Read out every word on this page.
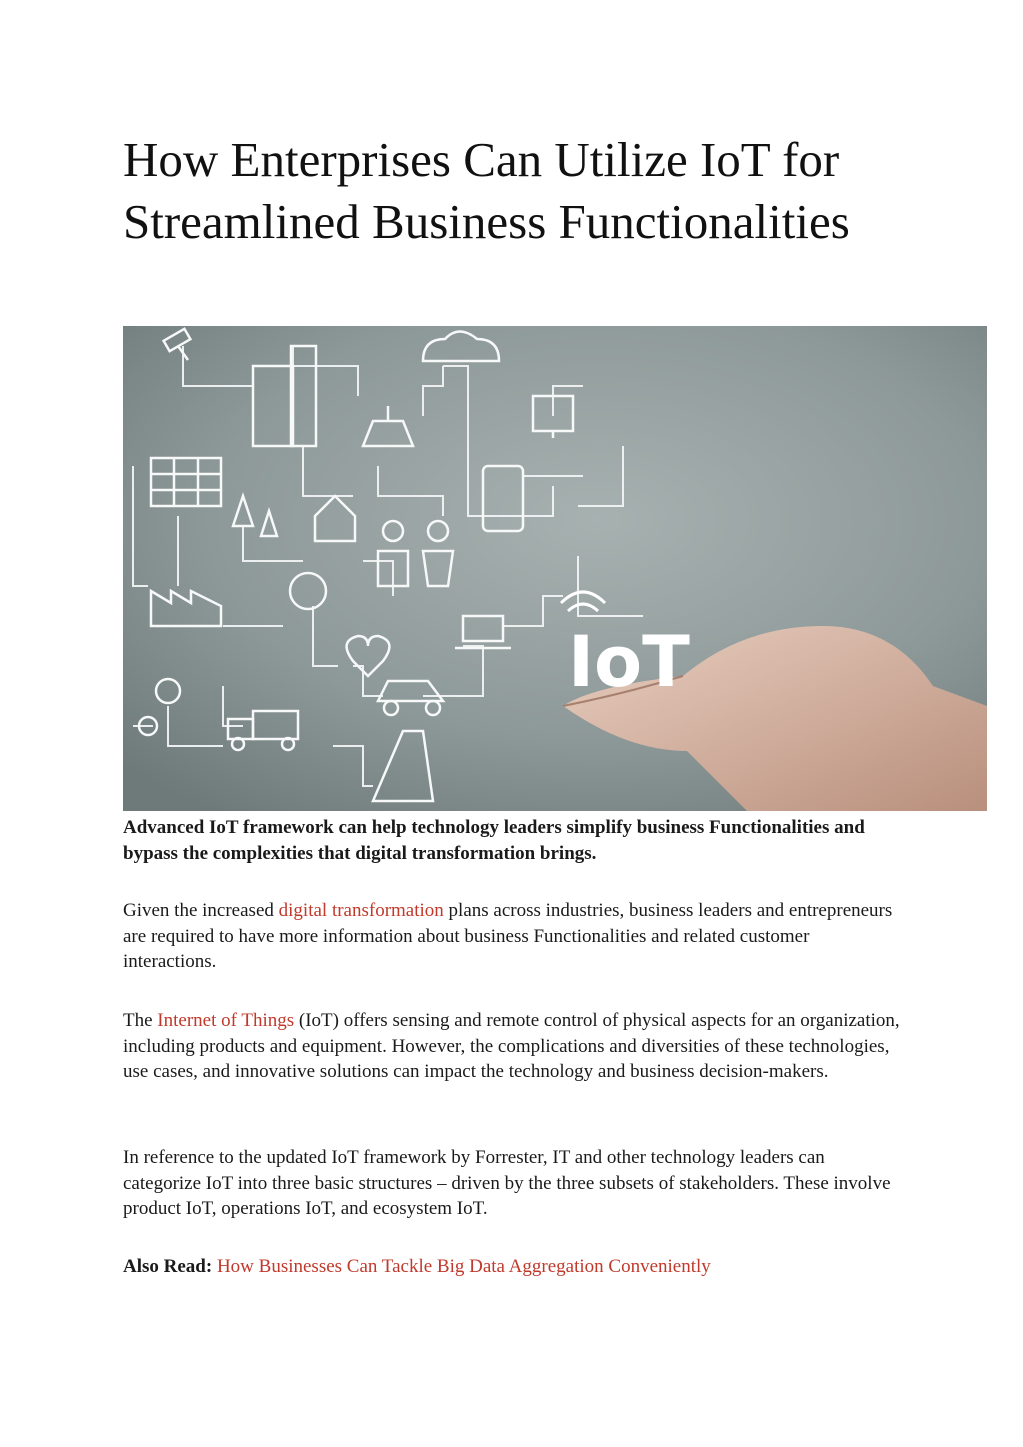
How Enterprises Can Utilize IoT for Streamlined Business Functionalities
IoT

Advanced IoT framework can help technology leaders simplify business Functionalities and bypass the complexities that digital transformation brings.

Given the increased digital transformation plans across industries, business leaders and entrepreneurs are required to have more information about business Functionalities and related customer interactions.

The Internet of Things (IoT) offers sensing and remote control of physical aspects for an organization, including products and equipment. However, the complications and diversities of these technologies, use cases, and innovative solutions can impact the technology and business decision-makers.

In reference to the updated IoT framework by Forrester, IT and other technology leaders can categorize IoT into three basic structures – driven by the three subsets of stakeholders. These involve product IoT, operations IoT, and ecosystem IoT.

Also Read: How Businesses Can Tackle Big Data Aggregation Conveniently
